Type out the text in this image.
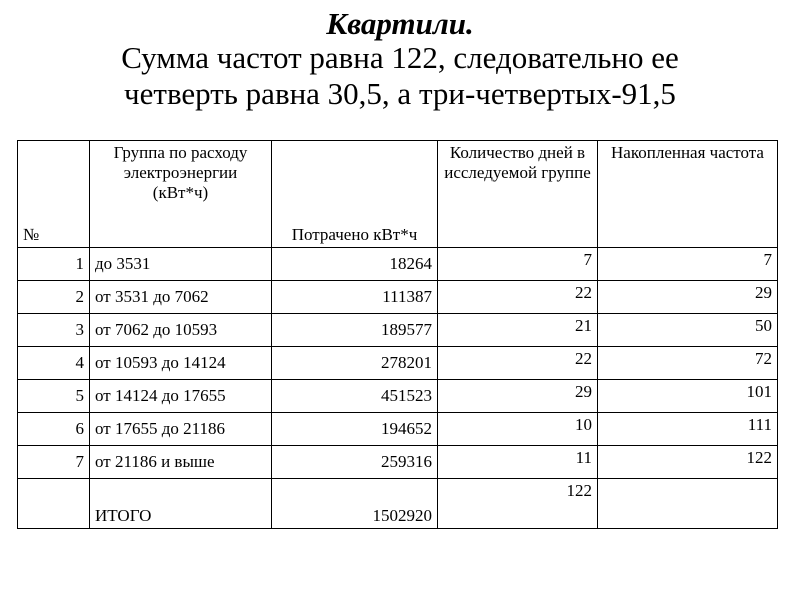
Квартили.
Сумма частот равна 122, следовательно ее
четверть равна 30,5, а три-четвертых-91,5
№	Группа по расходу электроэнергии (кВт*ч)	Потрачено кВт*ч	Количество дней в исследуемой группе	Накопленная частота
1	до 3531	18264	7	7
2	от 3531 до 7062	111387	22	29
3	от 7062 до 10593	189577	21	50
4	от 10593 до 14124	278201	22	72
5	от 14124 до 17655	451523	29	101
6	от 17655 до 21186	194652	10	111
7	от 21186 и выше	259316	11	122
	ИТОГО	1502920	122	
